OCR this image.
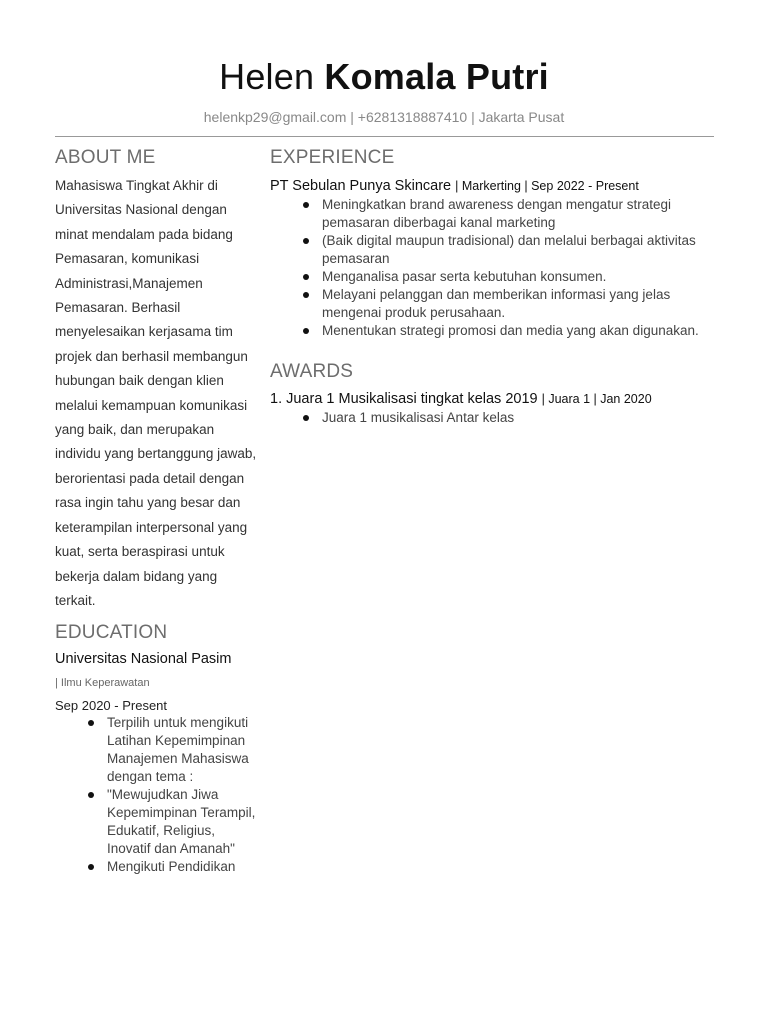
Helen Komala Putri
helenkp29@gmail.com | +6281318887410 | Jakarta Pusat
ABOUT ME
Mahasiswa Tingkat Akhir di Universitas Nasional dengan minat mendalam pada bidang Pemasaran, komunikasi Administrasi,Manajemen Pemasaran. Berhasil menyelesaikan kerjasama tim projek dan berhasil membangun hubungan baik dengan klien melalui kemampuan komunikasi yang baik, dan merupakan individu yang bertanggung jawab, berorientasi pada detail dengan rasa ingin tahu yang besar dan keterampilan interpersonal yang kuat, serta beraspirasi untuk bekerja dalam bidang yang terkait.
EDUCATION
Universitas Nasional Pasim
| Ilmu Keperawatan
Sep 2020 - Present
Terpilih untuk mengikuti Latihan Kepemimpinan Manajemen Mahasiswa dengan tema :
"Mewujudkan Jiwa Kepemimpinan Terampil, Edukatif, Religius, Inovatif dan Amanah"
Mengikuti Pendidikan
EXPERIENCE
PT Sebulan Punya Skincare | Markerting | Sep 2022 - Present
Meningkatkan brand awareness dengan mengatur strategi pemasaran diberbagai kanal marketing
(Baik digital maupun tradisional) dan melalui berbagai aktivitas pemasaran
Menganalisa pasar serta kebutuhan konsumen.
Melayani pelanggan dan memberikan informasi yang jelas mengenai produk perusahaan.
Menentukan strategi promosi dan media yang akan digunakan.
AWARDS
1. Juara 1 Musikalisasi tingkat kelas 2019 | Juara 1 | Jan 2020
Juara 1 musikalisasi Antar kelas
